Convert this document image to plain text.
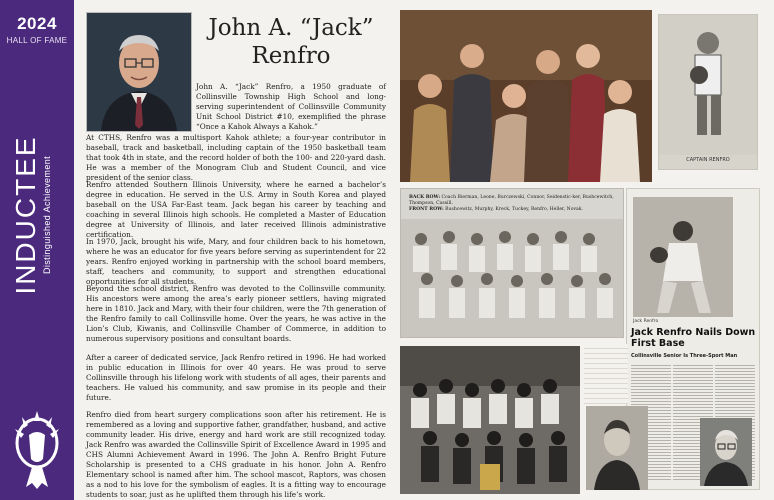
2024
HALL OF FAME
INDUCTEE Distinguished Achievement
John A. “Jack”
Renfro
John A. “Jack” Renfro, a 1950 graduate of Collinsville Township High School and long-serving superintendent of Collinsville Community Unit School District #10, exemplified the phrase “Once a Kahok Always a Kahok.”

At CTHS, Renfro was a multisport Kahok athlete; a four-year contributor in baseball, track and basketball, including captain of the 1950 basketball team that took 4th in state, and the record holder of both the 100- and 220-yard dash. He was a member of the Monogram Club and Student Council, and vice president of the senior class.

Renfro attended Southern Illinois University, where he earned a bachelor’s degree in education. He served in the U.S. Army in South Korea and played baseball on the USA Far-East team. Jack began his career by teaching and coaching in several Illinois high schools. He completed a Master of Education degree at University of Illinois, and later received Illinois administrative certification.

In 1970, Jack, brought his wife, Mary, and four children back to his hometown, where he was an educator for five years before serving as superintendent for 22 years. Renfro enjoyed working in partnership with the school board members, staff, teachers and community, to support and strengthen educational opportunities for all students.

Beyond the school district, Renfro was devoted to the Collinsville community. His ancestors were among the area’s early pioneer settlers, having migrated here in 1810. Jack and Mary, with their four children, were the 7th generation of the Renfro family to call Collinsville home. Over the years, he was active in the Lion’s Club, Kiwanis, and Collinsville Chamber of Commerce, in addition to numerous supervisory positions and consultant boards.

After a career of dedicated service, Jack Renfro retired in 1996. He had worked in public education in Illinois for over 40 years. He was proud to serve Collinsville through his lifelong work with students of all ages, their parents and teachers. He valued his community, and saw promise in its people and their future.

Renfro died from heart surgery complications soon after his retirement. He is remembered as a loving and supportive father, grandfather, husband, and active community leader. His drive, energy and hard work are still recognized today. Jack Renfro was awarded the Collinsville Spirit of Excellence Award in 1995 and CHS Alumni Achievement Award in 1996. The John A. Renfro Bright Future Scholarship is presented to a CHS graduate in his honor. John A. Renfro Elementary school is named after him. The school mascot, Raptors, was chosen as a nod to his love for the symbolism of eagles. It is a fitting way to encourage students to soar, just as he uplifted them through his life’s work.

CAPTAIN RENFRO
BACK ROW: Coach Bierman, Leone, Burczewski, Connor, Seidenstic-ker, Bushcewitch, Thompson, Cassill.
FRONT ROW: Bushcewitz, Murphy, Kreck, Tuckey, Renfro, Heller, Novak.
Jack Renfro
Jack Renfro Nails Down First Base
Collinsville Senior Is Three-Sport Man
